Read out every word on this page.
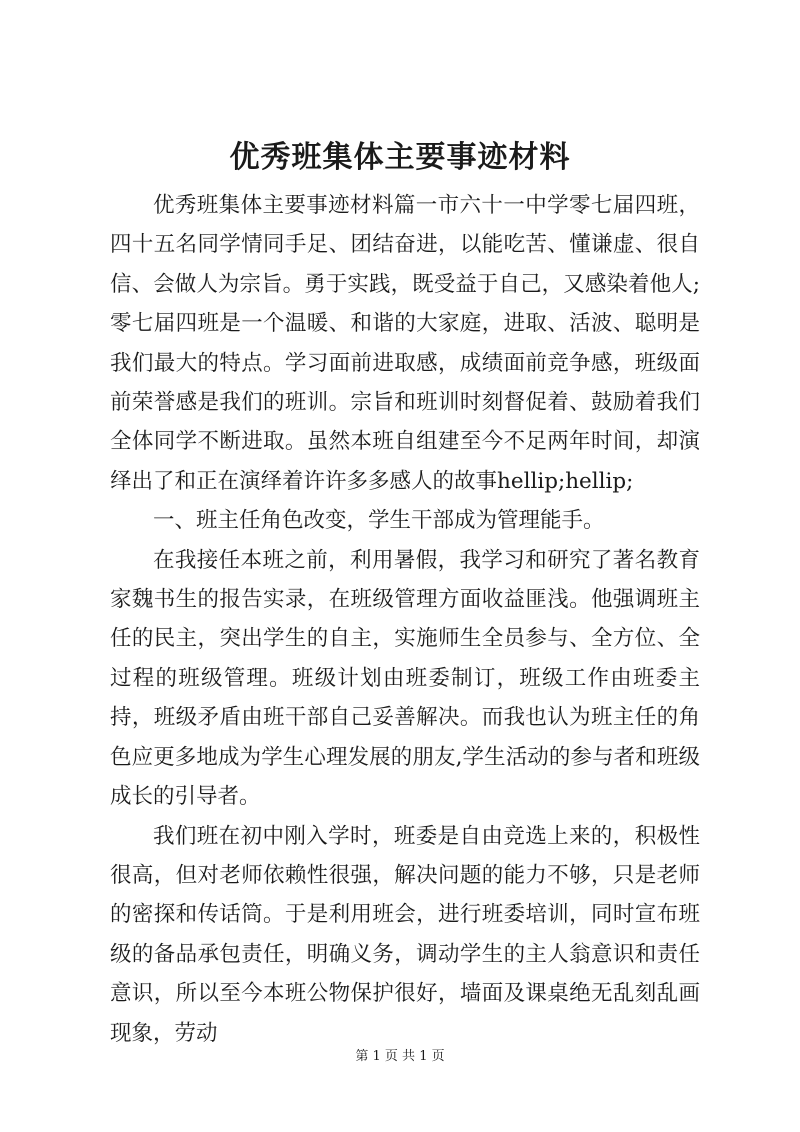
优秀班集体主要事迹材料

优秀班集体主要事迹材料篇一市六十一中学零七届四班，四十五名同学情同手足、团结奋进，以能吃苦、懂谦虚、很自信、会做人为宗旨。勇于实践，既受益于自己，又感染着他人;零七届四班是一个温暖、和谐的大家庭，进取、活波、聪明是我们最大的特点。学习面前进取感，成绩面前竞争感，班级面前荣誉感是我们的班训。宗旨和班训时刻督促着、鼓励着我们全体同学不断进取。虽然本班自组建至今不足两年时间，却演绎出了和正在演绎着许许多多感人的故事hellip;hellip;

一、班主任角色改变，学生干部成为管理能手。

在我接任本班之前，利用暑假，我学习和研究了著名教育家魏书生的报告实录，在班级管理方面收益匪浅。他强调班主任的民主，突出学生的自主，实施师生全员参与、全方位、全过程的班级管理。班级计划由班委制订，班级工作由班委主持，班级矛盾由班干部自己妥善解决。而我也认为班主任的角色应更多地成为学生心理发展的朋友,学生活动的参与者和班级成长的引导者。

我们班在初中刚入学时，班委是自由竞选上来的，积极性很高，但对老师依赖性很强，解决问题的能力不够，只是老师的密探和传话筒。于是利用班会，进行班委培训，同时宣布班级的备品承包责任，明确义务，调动学生的主人翁意识和责任意识，所以至今本班公物保护很好，墙面及课桌绝无乱刻乱画现象，劳动

第 1 页 共 1 页
